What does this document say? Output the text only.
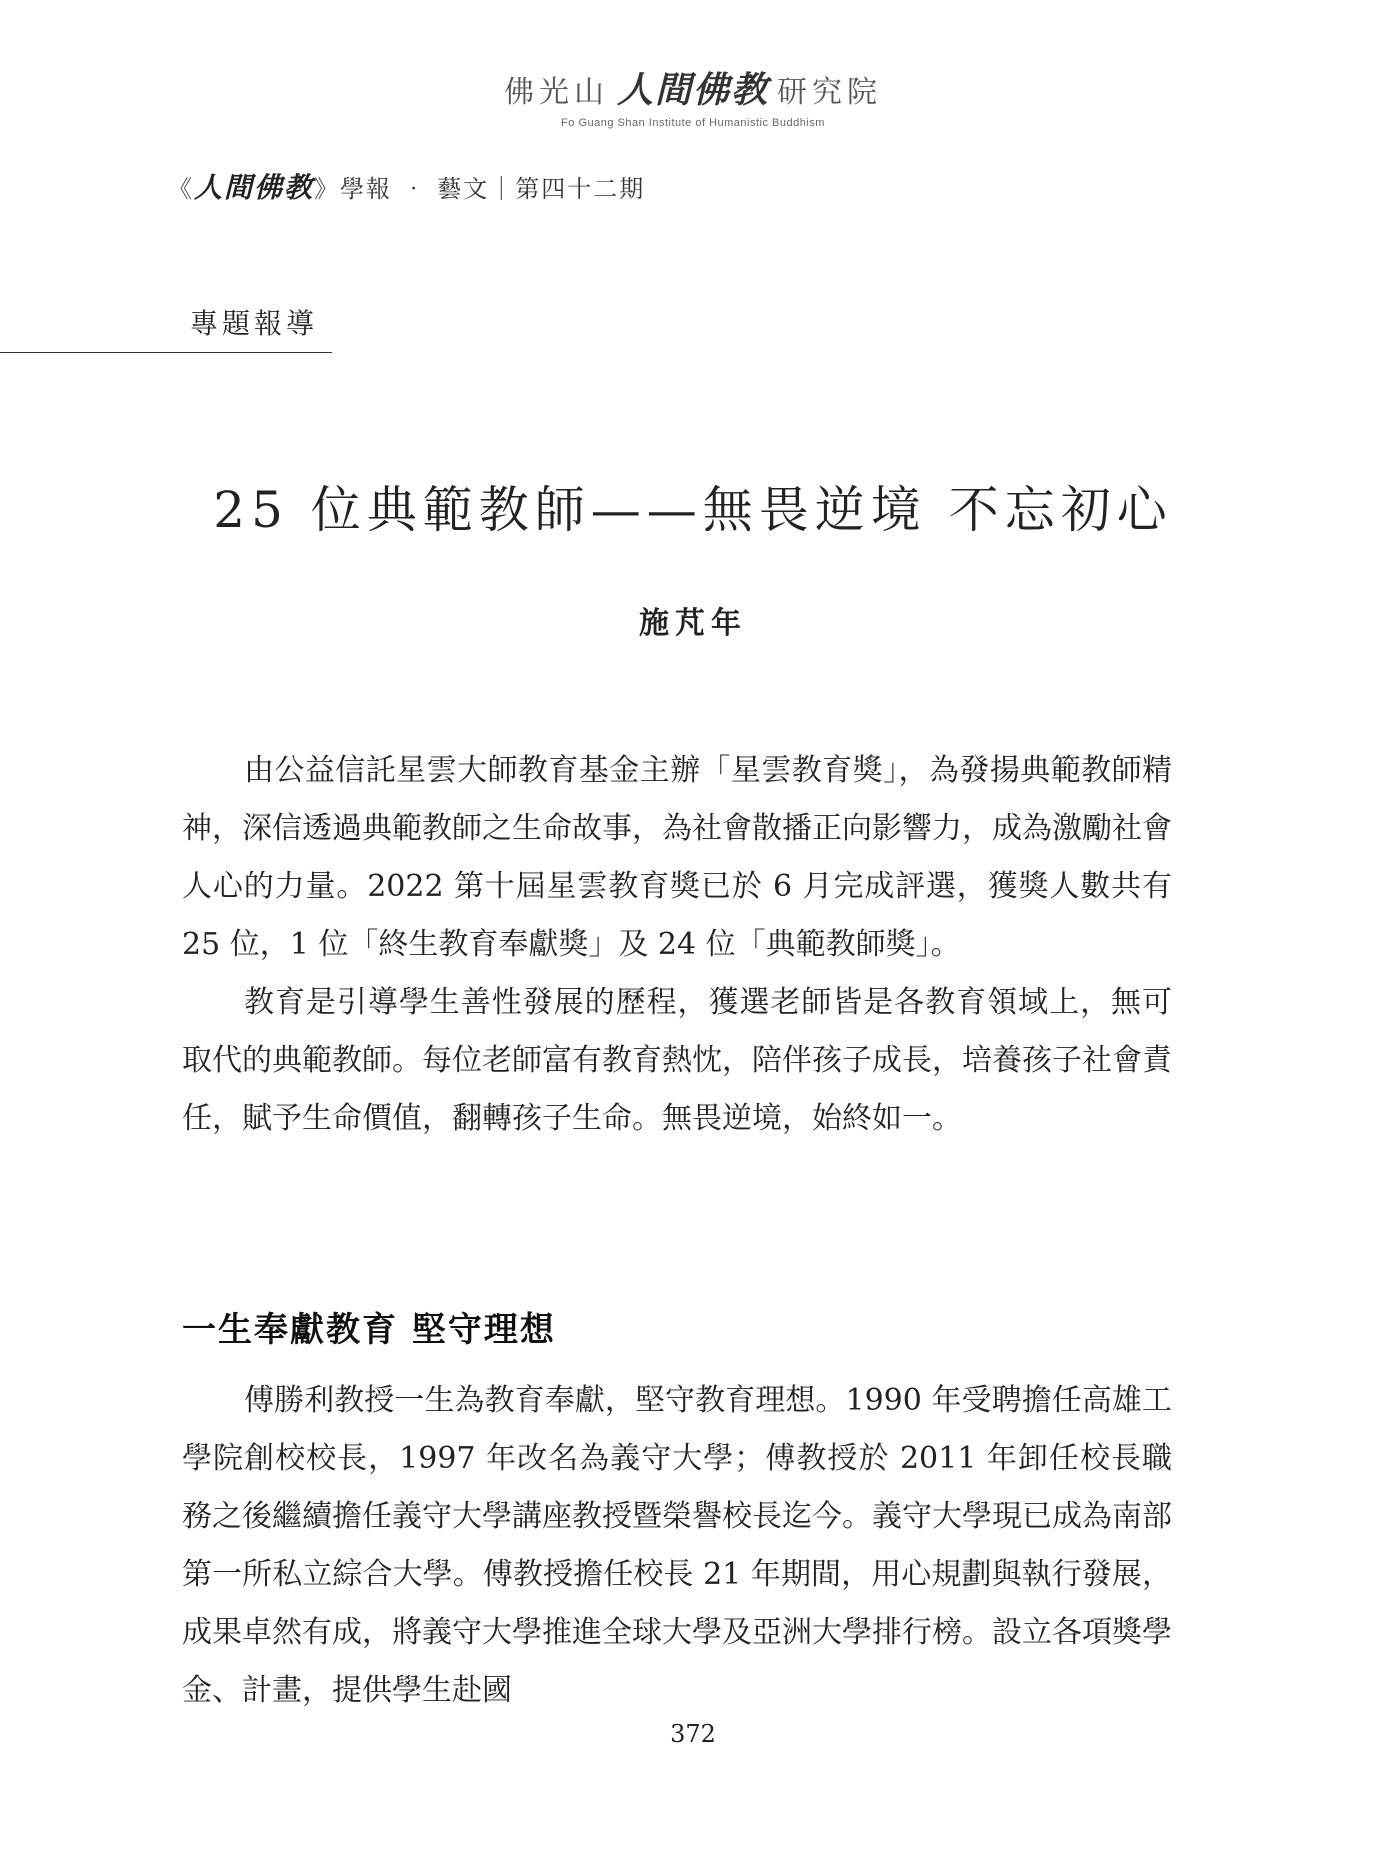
佛光山 人間佛教 研究院
Fo Guang Shan Institute of Humanistic Buddhism
《人間佛教》學報 ‧ 藝文｜第四十二期
專題報導
25 位典範教師——無畏逆境 不忘初心
施芃年

由公益信託星雲大師教育基金主辦「星雲教育獎」，為發揚典範教師精神，深信透過典範教師之生命故事，為社會散播正向影響力，成為激勵社會人心的力量。2022 第十屆星雲教育獎已於 6 月完成評選，獲獎人數共有 25 位，1 位「終生教育奉獻獎」及 24 位「典範教師獎」。

教育是引導學生善性發展的歷程，獲選老師皆是各教育領域上，無可取代的典範教師。每位老師富有教育熱忱，陪伴孩子成長，培養孩子社會責任，賦予生命價值，翻轉孩子生命。無畏逆境，始終如一。

一生奉獻教育 堅守理想

傅勝利教授一生為教育奉獻，堅守教育理想。1990 年受聘擔任高雄工學院創校校長，1997 年改名為義守大學；傅教授於 2011 年卸任校長職務之後繼續擔任義守大學講座教授暨榮譽校長迄今。義守大學現已成為南部第一所私立綜合大學。傅教授擔任校長 21 年期間，用心規劃與執行發展，成果卓然有成，將義守大學推進全球大學及亞洲大學排行榜。設立各項獎學金、計畫，提供學生赴國

372
